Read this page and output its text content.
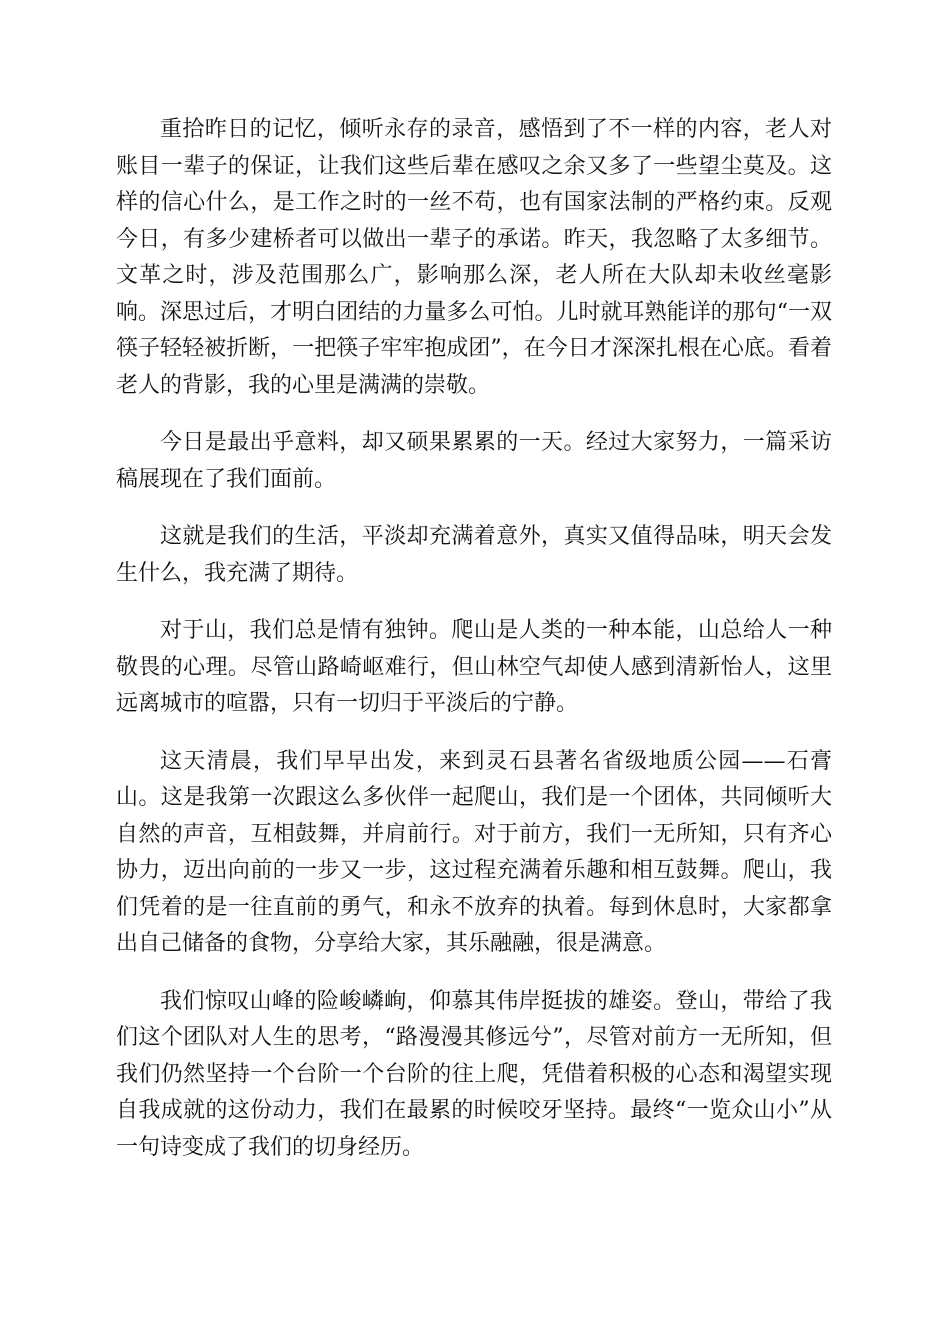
重拾昨日的记忆，倾听永存的录音，感悟到了不一样的内容，老人对账目一辈子的保证，让我们这些后辈在感叹之余又多了一些望尘莫及。这样的信心什么，是工作之时的一丝不苟，也有国家法制的严格约束。反观今日，有多少建桥者可以做出一辈子的承诺。昨天，我忽略了太多细节。文革之时，涉及范围那么广，影响那么深，老人所在大队却未收丝毫影响。深思过后，才明白团结的力量多么可怕。儿时就耳熟能详的那句“一双筷子轻轻被折断，一把筷子牢牢抱成团”，在今日才深深扎根在心底。看着老人的背影，我的心里是满满的崇敬。

今日是最出乎意料，却又硕果累累的一天。经过大家努力，一篇采访稿展现在了我们面前。

这就是我们的生活，平淡却充满着意外，真实又值得品味，明天会发生什么，我充满了期待。

对于山，我们总是情有独钟。爬山是人类的一种本能，山总给人一种敬畏的心理。尽管山路崎岖难行，但山林空气却使人感到清新怡人，这里远离城市的喧嚣，只有一切归于平淡后的宁静。

这天清晨，我们早早出发，来到灵石县著名省级地质公园——石膏山。这是我第一次跟这么多伙伴一起爬山，我们是一个团体，共同倾听大自然的声音，互相鼓舞，并肩前行。对于前方，我们一无所知，只有齐心协力，迈出向前的一步又一步，这过程充满着乐趣和相互鼓舞。爬山，我们凭着的是一往直前的勇气，和永不放弃的执着。每到休息时，大家都拿出自己储备的食物，分享给大家，其乐融融，很是满意。

我们惊叹山峰的险峻嶙峋，仰慕其伟岸挺拔的雄姿。登山，带给了我们这个团队对人生的思考，“路漫漫其修远兮”，尽管对前方一无所知，但我们仍然坚持一个台阶一个台阶的往上爬，凭借着积极的心态和渴望实现自我成就的这份动力，我们在最累的时候咬牙坚持。最终“一览众山小”从一句诗变成了我们的切身经历。
